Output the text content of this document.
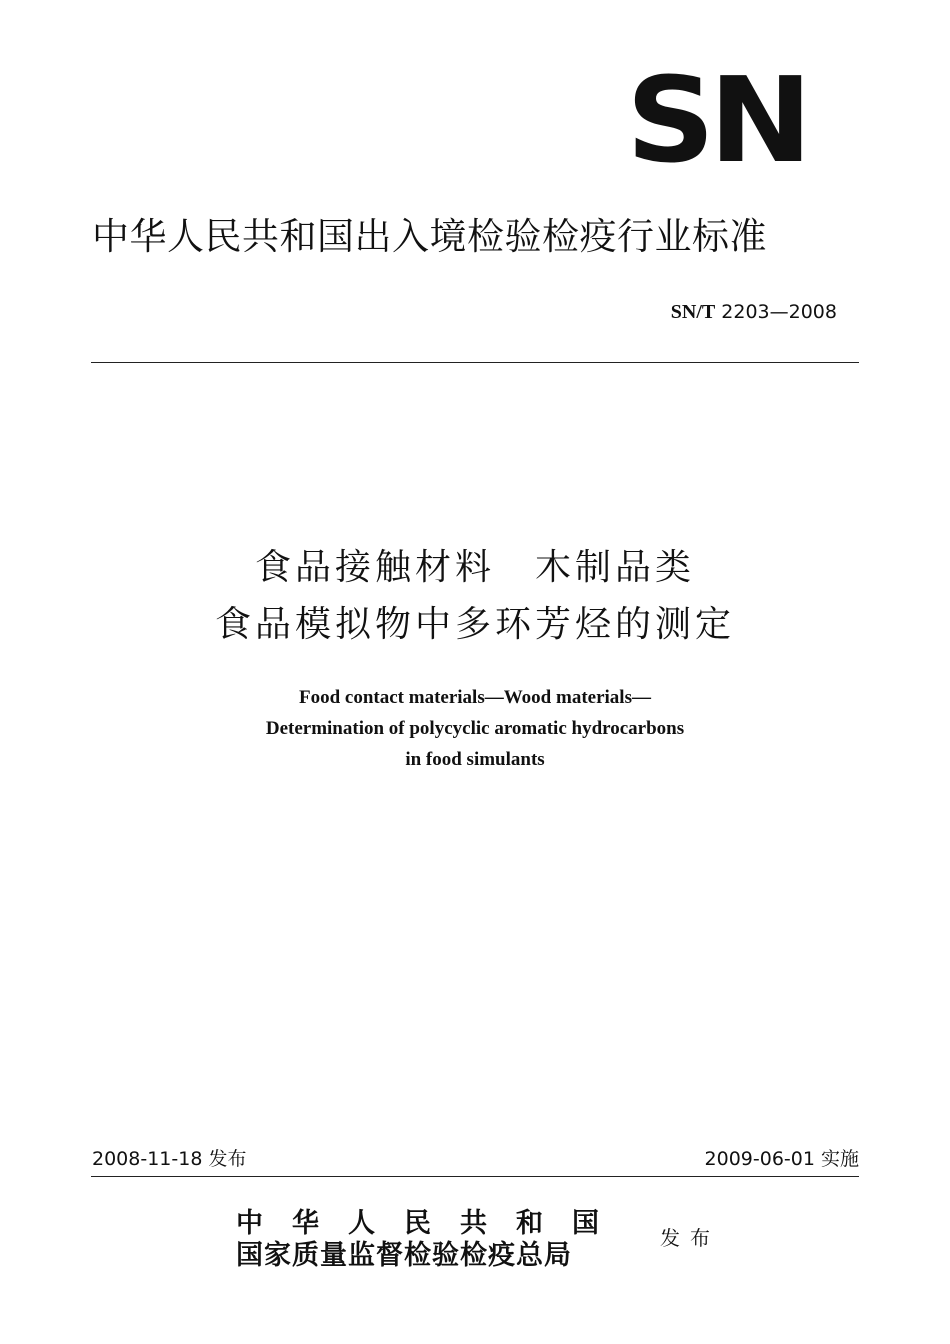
SN
中华人民共和国出入境检验检疫行业标准
SN/T 2203—2008
食品接触材料　木制品类
食品模拟物中多环芳烃的测定
Food contact materials—Wood materials—
Determination of polycyclic aromatic hydrocarbons
in food simulants
2008-11-18 发布	2009-06-01 实施
中华人民共和国
国家质量监督检验检疫总局
发布
